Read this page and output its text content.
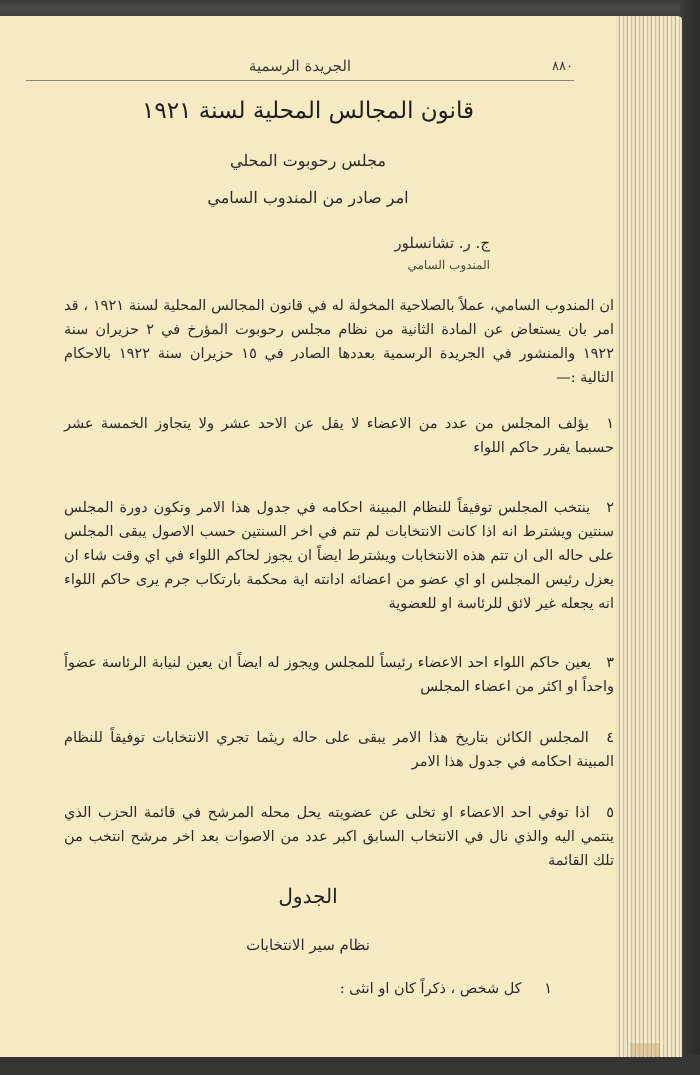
الجريدة الرسمية	٨٨٠
قانون المجالس المحلية لسنة ١٩٢١
مجلس رحوبوت المحلي
امر صادر من المندوب السامي
ج. ر. تشانسلور
المندوب السامي
ان المندوب السامي، عملاً بالصلاحية المخولة له في قانون المجالس المحلية لسنة ١٩٢١ ، قد امر بان يستعاض عن المادة الثانية من نظام مجلس رحوبوت المؤرخ في ٢ حزيران سنة ١٩٢٢ والمنشور في الجريدة الرسمية بعددها الصادر في ١٥ حزيران سنة ١٩٢٢ بالاحكام التالية :—
١ يؤلف المجلس من عدد من الاعضاء لا يقل عن الاحد عشر ولا يتجاوز الخمسة عشر حسبما يقرر حاكم اللواء
٢ ينتخب المجلس توفيقاً للنظام المبينة احكامه في جدول هذا الامر وتكون دورة المجلس سنتين ويشترط انه اذا كانت الانتخابات لم تتم في اخر السنتين حسب الاصول يبقى المجلس على حاله الى ان تتم هذه الانتخابات ويشترط ايضاً ان يجوز لحاكم اللواء في اي وقت شاء ان يعزل رئيس المجلس او اي عضو من اعضائه ادانته اية محكمة بارتكاب جرم يرى حاكم اللواء انه يجعله غير لائق للرئاسة او للعضوية
٣ يعين حاكم اللواء احد الاعضاء رئيساً للمجلس ويجوز له ايضاً ان يعين لنيابة الرئاسة عضواً واحداً او اكثر من اعضاء المجلس
٤ المجلس الكائن بتاريخ هذا الامر يبقى على حاله ريثما تجري الانتخابات توفيقاً للنظام المبينة احكامه في جدول هذا الامر
٥ اذا توفي احد الاعضاء او تخلى عن عضويته يحل محله المرشح في قائمة الحزب الذي ينتمي اليه والذي نال في الانتخاب السابق اكبر عدد من الاصوات بعد اخر مرشح انتخب من تلك القائمة
الجدول
نظام سير الانتخابات
١ كل شخص ، ذكراً كان او انثى :
